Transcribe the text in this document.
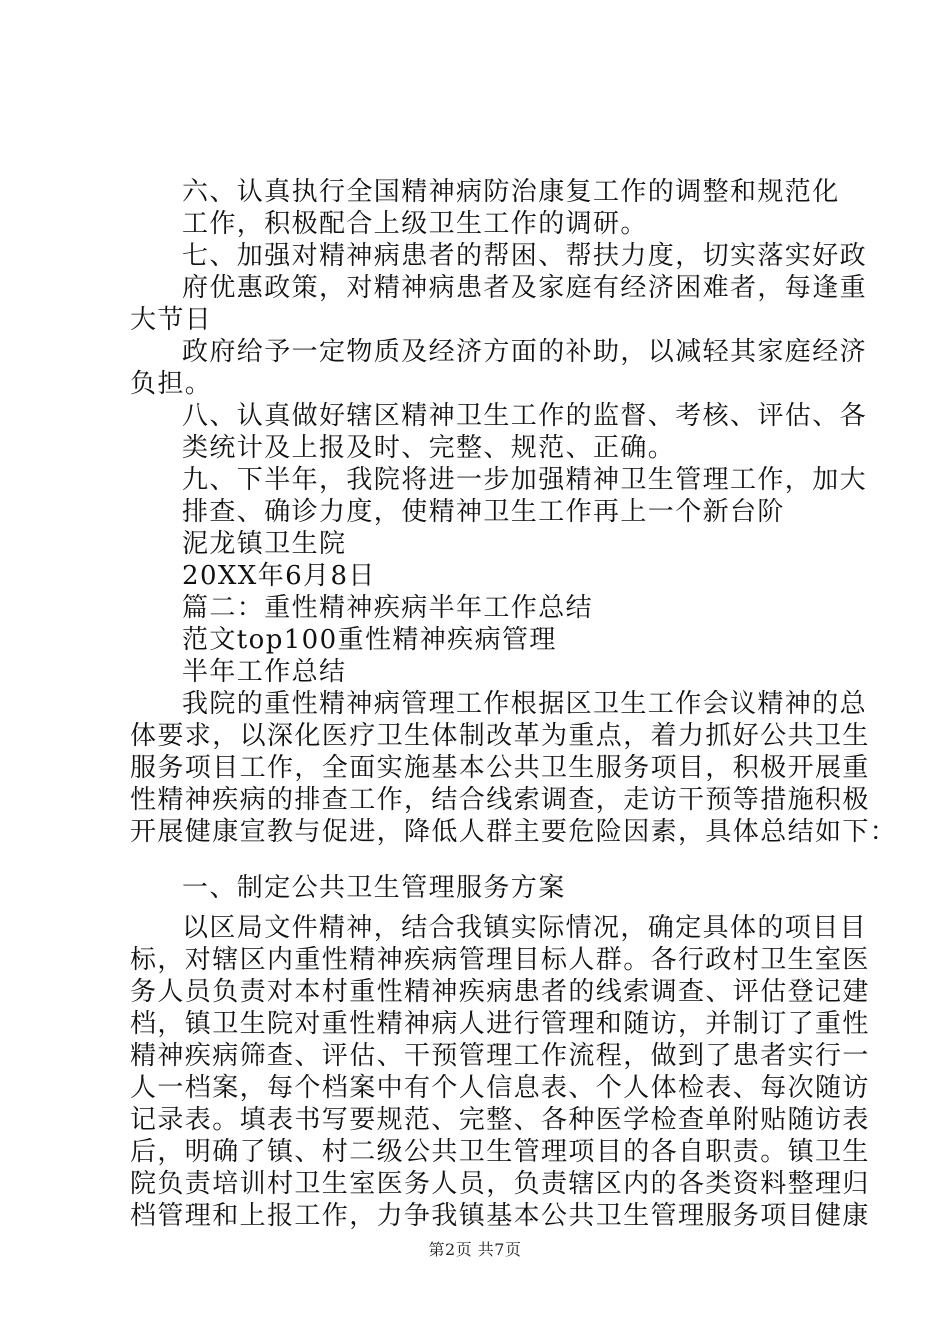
六、认真执行全国精神病防治康复工作的调整和规范化
工作，积极配合上级卫生工作的调研。
七、加强对精神病患者的帮困、帮扶力度，切实落实好政
府优惠政策，对精神病患者及家庭有经济困难者，每逢重
大节日
政府给予一定物质及经济方面的补助，以减轻其家庭经济
负担。
八、认真做好辖区精神卫生工作的监督、考核、评估、各
类统计及上报及时、完整、规范、正确。
九、下半年，我院将进一步加强精神卫生管理工作，加大
排查、确诊力度，使精神卫生工作再上一个新台阶
泥龙镇卫生院
20XX年6月8日
篇二：重性精神疾病半年工作总结
范文top100重性精神疾病管理
半年工作总结
我院的重性精神病管理工作根据区卫生工作会议精神的总
体要求，以深化医疗卫生体制改革为重点，着力抓好公共卫生
服务项目工作，全面实施基本公共卫生服务项目，积极开展重
性精神疾病的排查工作，结合线索调查，走访干预等措施积极
开展健康宣教与促进，降低人群主要危险因素，具体总结如下：
一、制定公共卫生管理服务方案
以区局文件精神，结合我镇实际情况，确定具体的项目目
标，对辖区内重性精神疾病管理目标人群。各行政村卫生室医
务人员负责对本村重性精神疾病患者的线索调查、评估登记建
档，镇卫生院对重性精神病人进行管理和随访，并制订了重性
精神疾病筛查、评估、干预管理工作流程，做到了患者实行一
人一档案，每个档案中有个人信息表、个人体检表、每次随访
记录表。填表书写要规范、完整、各种医学检查单附贴随访表
后，明确了镇、村二级公共卫生管理项目的各自职责。镇卫生
院负责培训村卫生室医务人员，负责辖区内的各类资料整理归
档管理和上报工作，力争我镇基本公共卫生管理服务项目健康
第2页 共7页
